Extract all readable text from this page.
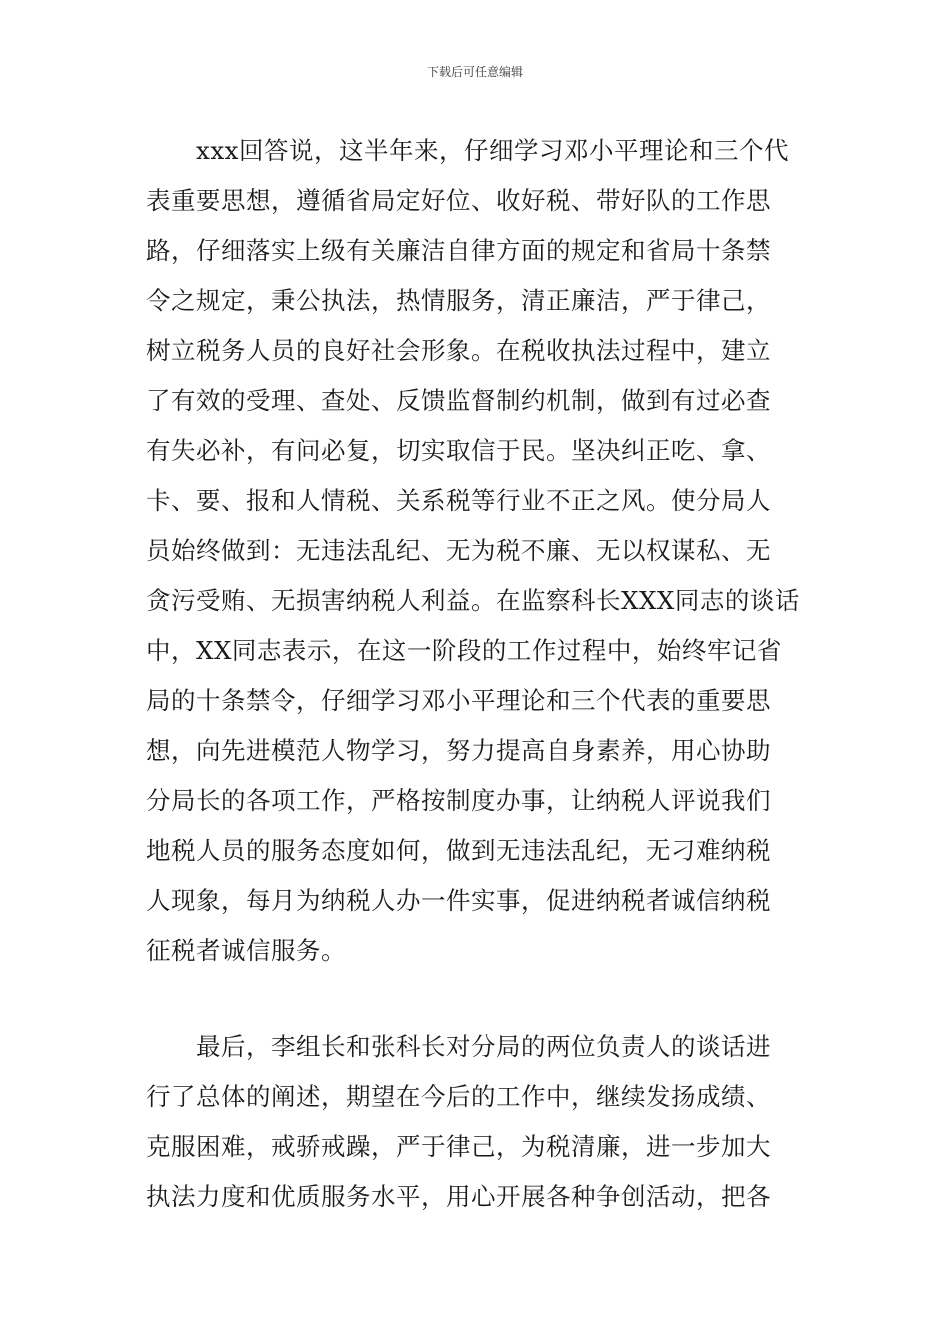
下载后可任意编辑
xxx回答说，这半年来，仔细学习邓小平理论和三个代
表重要思想，遵循省局定好位、收好税、带好队的工作思
路，仔细落实上级有关廉洁自律方面的规定和省局十条禁
令之规定，秉公执法，热情服务，清正廉洁，严于律己，
树立税务人员的良好社会形象。在税收执法过程中，建立
了有效的受理、查处、反馈监督制约机制，做到有过必查
有失必补，有问必复，切实取信于民。坚决纠正吃、拿、
卡、要、报和人情税、关系税等行业不正之风。使分局人
员始终做到：无违法乱纪、无为税不廉、无以权谋私、无
贪污受贿、无损害纳税人利益。在监察科长XXX同志的谈话
中，XX同志表示，在这一阶段的工作过程中，始终牢记省
局的十条禁令，仔细学习邓小平理论和三个代表的重要思
想，向先进模范人物学习，努力提高自身素养，用心协助
分局长的各项工作，严格按制度办事，让纳税人评说我们
地税人员的服务态度如何，做到无违法乱纪，无刁难纳税
人现象，每月为纳税人办一件实事，促进纳税者诚信纳税
征税者诚信服务。
最后，李组长和张科长对分局的两位负责人的谈话进
行了总体的阐述，期望在今后的工作中，继续发扬成绩、
克服困难，戒骄戒躁，严于律己，为税清廉，进一步加大
执法力度和优质服务水平，用心开展各种争创活动，把各
